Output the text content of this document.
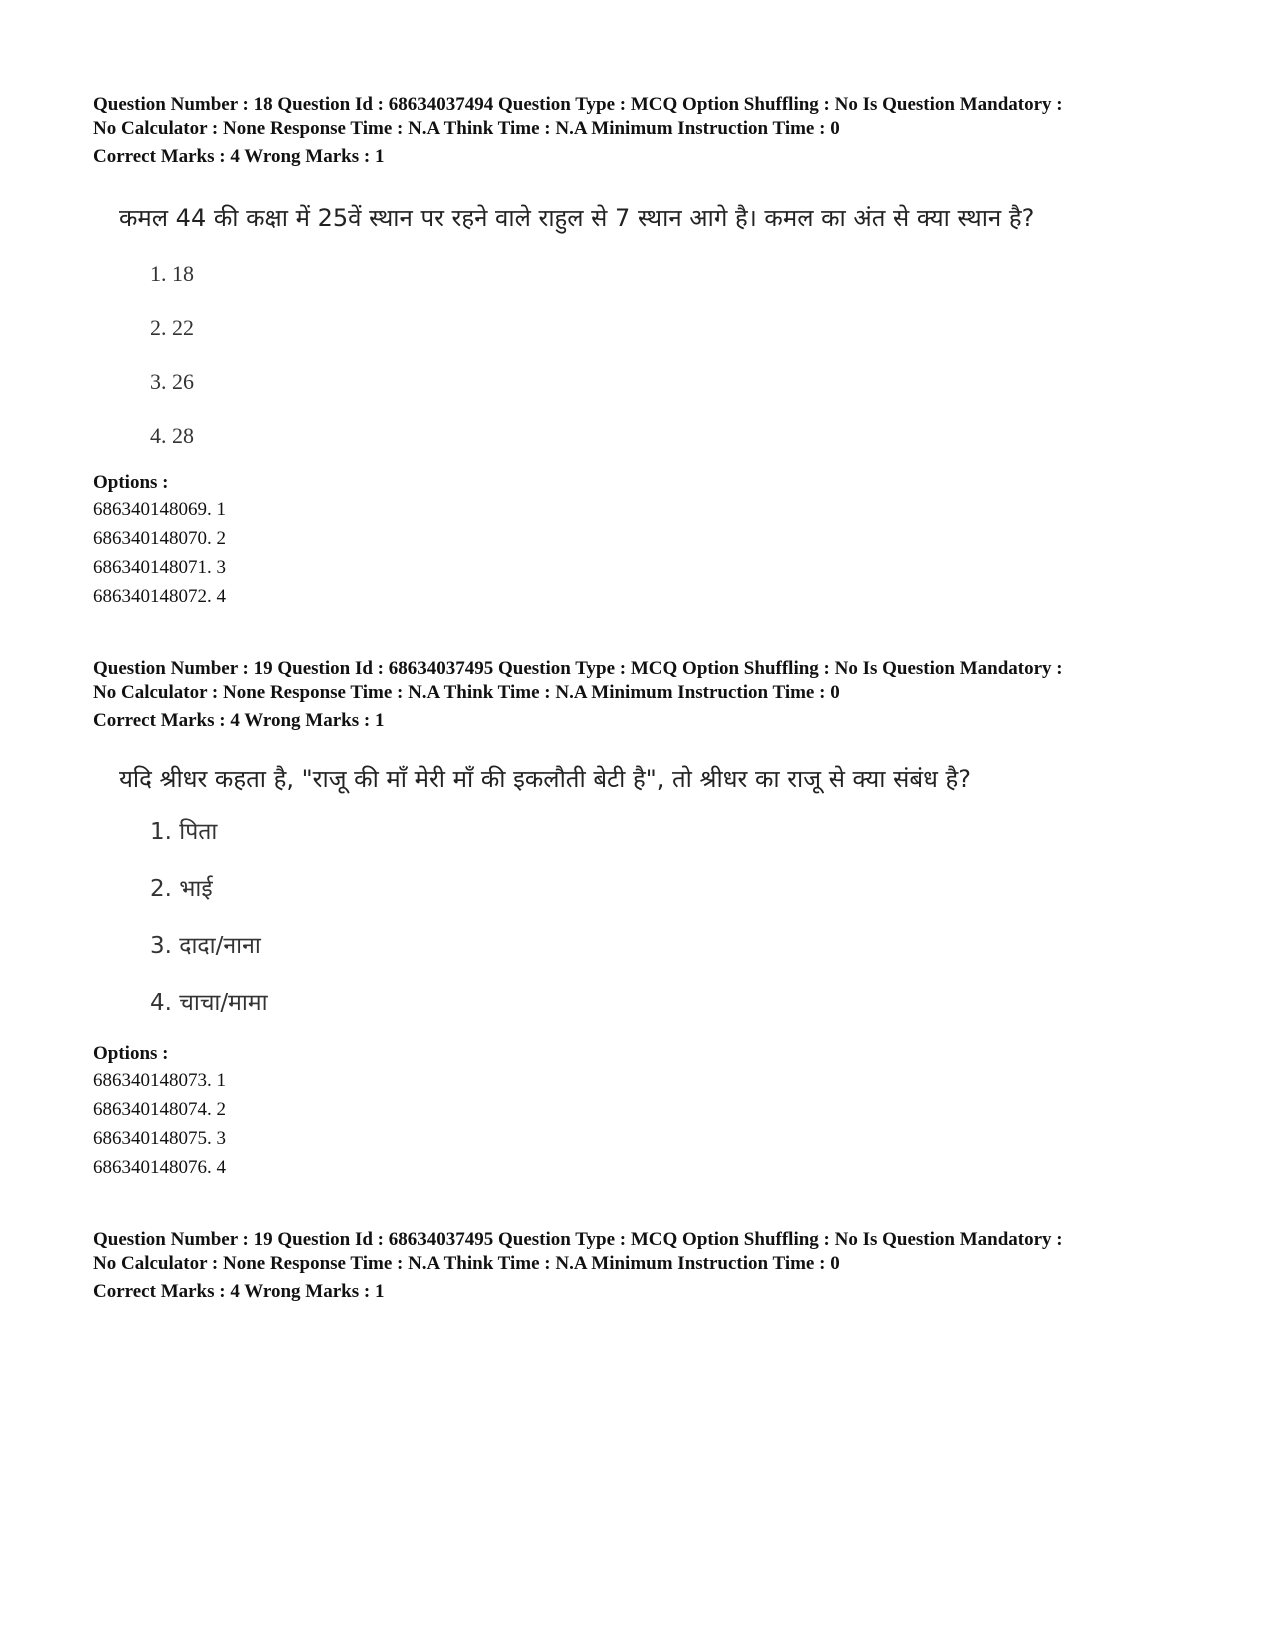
Question Number : 18 Question Id : 68634037494 Question Type : MCQ Option Shuffling : No Is Question Mandatory :

No Calculator : None Response Time : N.A Think Time : N.A Minimum Instruction Time : 0

Correct Marks : 4 Wrong Marks : 1

कमल 44 की कक्षा में 25वें स्थान पर रहने वाले राहुल से 7 स्थान आगे है। कमल का अंत से क्या स्थान है?

1. 18
2. 22
3. 26
4. 28

Options :

686340148069. 1

686340148070. 2

686340148071. 3

686340148072. 4

Question Number : 19 Question Id : 68634037495 Question Type : MCQ Option Shuffling : No Is Question Mandatory :

No Calculator : None Response Time : N.A Think Time : N.A Minimum Instruction Time : 0

Correct Marks : 4 Wrong Marks : 1

यदि श्रीधर कहता है, "राजू की माँ मेरी माँ की इकलौती बेटी है", तो श्रीधर का राजू से क्या संबंध है?

1. पिता
2. भाई
3. दादा/नाना
4. चाचा/मामा

Options :

686340148073. 1

686340148074. 2

686340148075. 3

686340148076. 4

Question Number : 19 Question Id : 68634037495 Question Type : MCQ Option Shuffling : No Is Question Mandatory :

No Calculator : None Response Time : N.A Think Time : N.A Minimum Instruction Time : 0

Correct Marks : 4 Wrong Marks : 1
